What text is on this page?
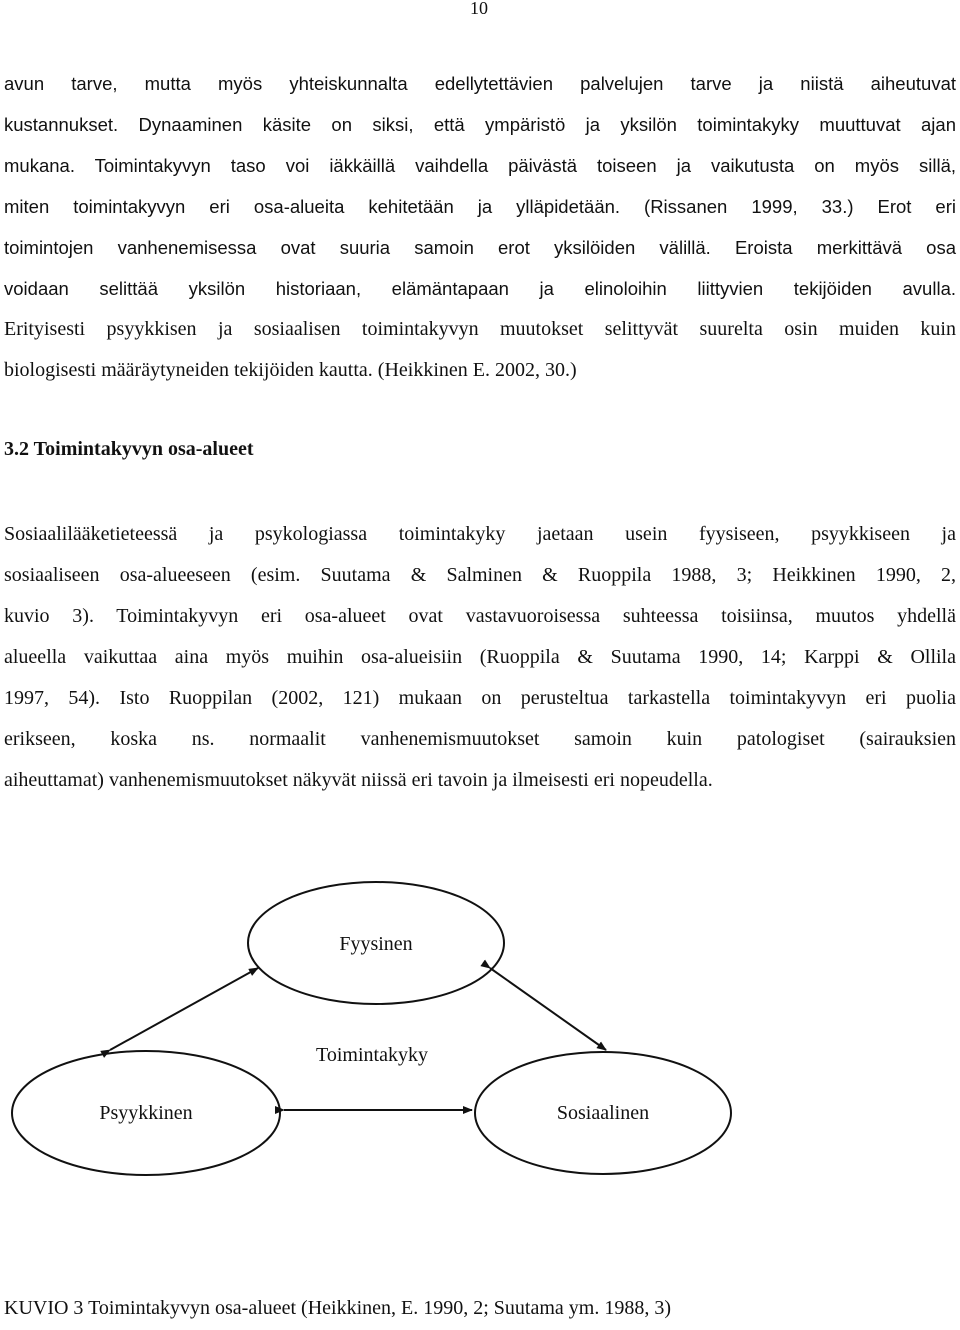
10
avun tarve, mutta myös yhteiskunnalta edellytettävien palvelujen tarve ja niistä aiheutuvat
kustannukset. Dynaaminen käsite on siksi, että ympäristö ja yksilön toimintakyky muuttuvat ajan
mukana. Toimintakyvyn taso voi iäkkäillä vaihdella päivästä toiseen ja vaikutusta on myös sillä,
miten toimintakyvyn eri osa-alueita kehitetään ja ylläpidetään. (Rissanen 1999, 33.) Erot eri
toimintojen vanhenemisessa ovat suuria samoin erot yksilöiden välillä. Eroista merkittävä osa
voidaan selittää yksilön historiaan, elämäntapaan ja elinoloihin liittyvien tekijöiden avulla.
Erityisesti psyykkisen ja sosiaalisen toimintakyvyn muutokset selittyvät suurelta osin muiden kuin
biologisesti määräytyneiden tekijöiden kautta. (Heikkinen E. 2002, 30.)
3.2 Toimintakyvyn osa-alueet
Sosiaalilääketieteessä ja psykologiassa toimintakyky jaetaan usein fyysiseen, psyykkiseen ja
sosiaaliseen osa-alueeseen (esim. Suutama & Salminen & Ruoppila 1988, 3; Heikkinen 1990, 2,
kuvio 3). Toimintakyvyn eri osa-alueet ovat vastavuoroisessa suhteessa toisiinsa, muutos yhdellä
alueella vaikuttaa aina myös muihin osa-alueisiin (Ruoppila & Suutama 1990, 14; Karppi & Ollila
1997, 54). Isto Ruoppilan (2002, 121) mukaan on perusteltua tarkastella toimintakyvyn eri puolia
erikseen, koska ns. normaalit vanhenemismuutokset samoin kuin patologiset (sairauksien
aiheuttamat) vanhenemismuutokset näkyvät niissä eri tavoin ja ilmeisesti eri nopeudella.
Fyysinen
Toimintakyky
Psyykkinen	Sosiaalinen

KUVIO 3 Toimintakyvyn osa-alueet (Heikkinen, E. 1990, 2; Suutama ym. 1988, 3)
